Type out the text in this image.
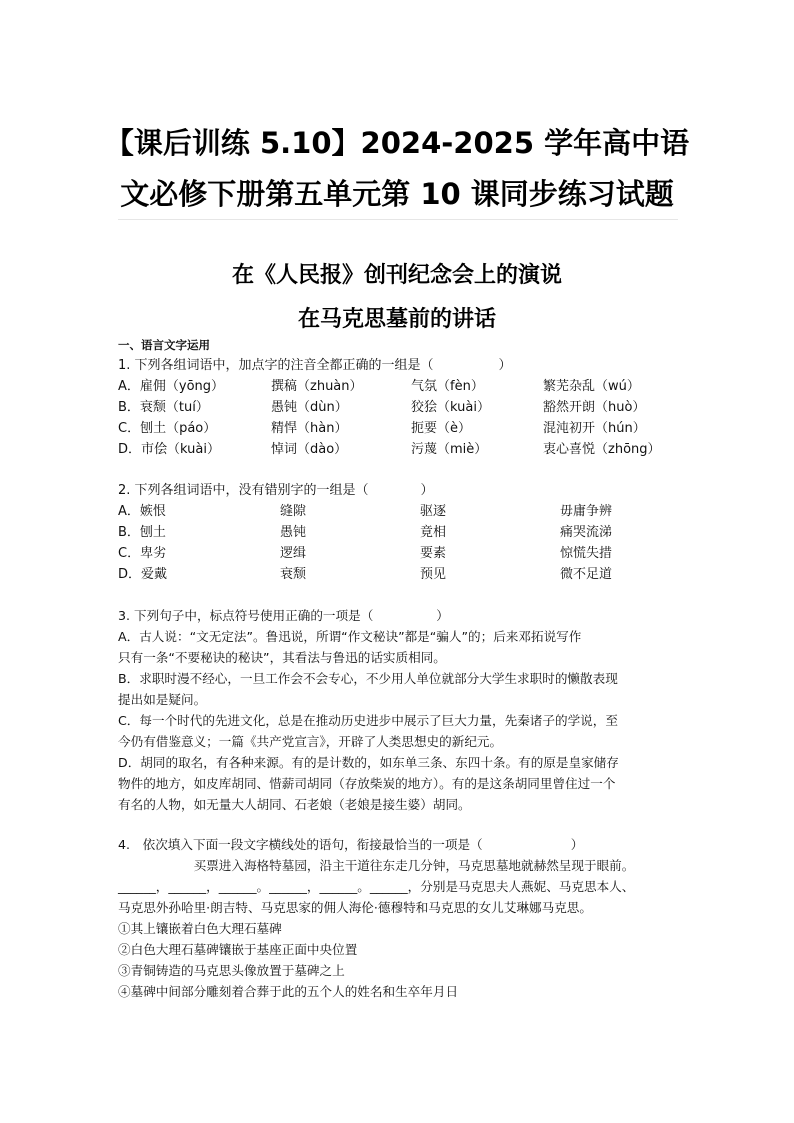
【课后训练 5.10】2024-2025 学年高中语
文必修下册第五单元第 10 课同步练习试题
在《人民报》创刊纪念会上的演说
在马克思墓前的讲话
一、语言文字运用
1. 下列各组词语中，加点字的注音全都正确的一组是（　　　　　）
A．雇佣（yōng）	撰稿（zhuàn）	气氛（fèn）	繁芜杂乱（wú）
B．衰颓（tuí）	愚钝（dùn）	狡狯（kuài）	豁然开朗（huò）
C．刨土（páo）	精悍（hàn）	扼要（è）	混沌初开（hún）
D．市侩（kuài）	悼词（dào）	污蔑（miè）	衷心喜悦（zhōng）
2. 下列各组词语中，没有错别字的一组是（　　　　）
A．嫉恨	缝隙	驱逐	毋庸争辨
B．刨土	愚钝	竟相	痛哭流涕
C．卑劣	逻缉	要素	惊慌失措
D．爱戴	衰颓	预见	微不足道
3. 下列句子中，标点符号使用正确的一项是（　　　　　）
A．古人说：“文无定法”。鲁迅说，所谓“作文秘诀”都是“骗人”的；后来邓拓说写作
只有一条“不要秘诀的秘诀”，其看法与鲁迅的话实质相同。
B．求职时漫不经心，一旦工作会不会专心，不少用人单位就部分大学生求职时的懒散表现
提出如是疑问。
C．每一个时代的先进文化，总是在推动历史进步中展示了巨大力量，先秦诸子的学说，至
今仍有借鉴意义；一篇《共产党宣言》，开辟了人类思想史的新纪元。
D．胡同的取名，有各种来源。有的是计数的，如东单三条、东四十条。有的原是皇家储存
物件的地方，如皮库胡同、惜薪司胡同（存放柴炭的地方）。有的是这条胡同里曾住过一个
有名的人物，如无量大人胡同、石老娘（老娘是接生婆）胡同。
4.　依次填入下面一段文字横线处的语句，衔接最恰当的一项是（　　　　　　　）
　　　　　　买票进入海格特墓园，沿主干道往东走几分钟，马克思墓地就赫然呈现于眼前。
______，______，______。______，______。______，分别是马克思夫人燕妮、马克思本人、
马克思外孙哈里·朗吉特、马克思家的佣人海伦·德穆特和马克思的女儿艾琳娜马克思。
①其上镶嵌着白色大理石墓碑
②白色大理石墓碑镶嵌于基座正面中央位置
③青铜铸造的马克思头像放置于墓碑之上
④墓碑中间部分雕刻着合葬于此的五个人的姓名和生卒年月日
